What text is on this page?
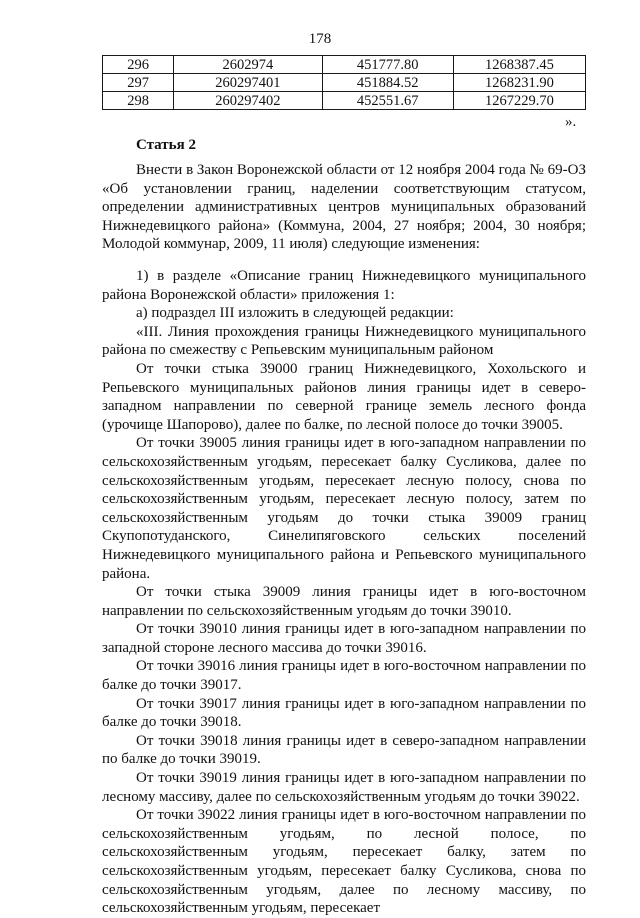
178
296	2602974	451777.80	1268387.45
297	260297401	451884.52	1268231.90
298	260297402	452551.67	1267229.70
».
Статья 2

Внести в Закон Воронежской области от 12 ноября 2004 года № 69-ОЗ «Об установлении границ, наделении соответствующим статусом, определении административных центров муниципальных образований Нижнедевицкого района» (Коммуна, 2004, 27 ноября; 2004, 30 ноября; Молодой коммунар, 2009, 11 июля) следующие изменения:

1) в разделе «Описание границ Нижнедевицкого муниципального района Воронежской области» приложения 1:

а) подраздел III изложить в следующей редакции:

«III. Линия прохождения границы Нижнедевицкого муниципального района по смежеству с Репьевским муниципальным районом

От точки стыка 39000 границ Нижнедевицкого, Хохольского и Репьевского муниципальных районов линия границы идет в северо-западном направлении по северной границе земель лесного фонда (урочище Шапорово), далее по балке, по лесной полосе до точки 39005.

От точки 39005 линия границы идет в юго-западном направлении по сельскохозяйственным угодьям, пересекает балку Сусликова, далее по сельскохозяйственным угодьям, пересекает лесную полосу, снова по сельскохозяйственным угодьям, пересекает лесную полосу, затем по сельскохозяйственным угодьям до точки стыка 39009 границ Скупопотуданского, Синелипяговского сельских поселений Нижнедевицкого муниципального района и Репьевского муниципального района.

От точки стыка 39009 линия границы идет в юго-восточном направлении по сельскохозяйственным угодьям до точки 39010.

От точки 39010 линия границы идет в юго-западном направлении по западной стороне лесного массива до точки 39016.

От точки 39016 линия границы идет в юго-восточном направлении по балке до точки 39017.

От точки 39017 линия границы идет в юго-западном направлении по балке до точки 39018.

От точки 39018 линия границы идет в северо-западном направлении по балке до точки 39019.

От точки 39019 линия границы идет в юго-западном направлении по лесному массиву, далее по сельскохозяйственным угодьям до точки 39022.

От точки 39022 линия границы идет в юго-восточном направлении по сельскохозяйственным угодьям, по лесной полосе, по сельскохозяйственным угодьям, пересекает балку, затем по сельскохозяйственным угодьям, пересекает балку Сусликова, снова по сельскохозяйственным угодьям, далее по лесному массиву, по сельскохозяйственным угодьям, пересекает
